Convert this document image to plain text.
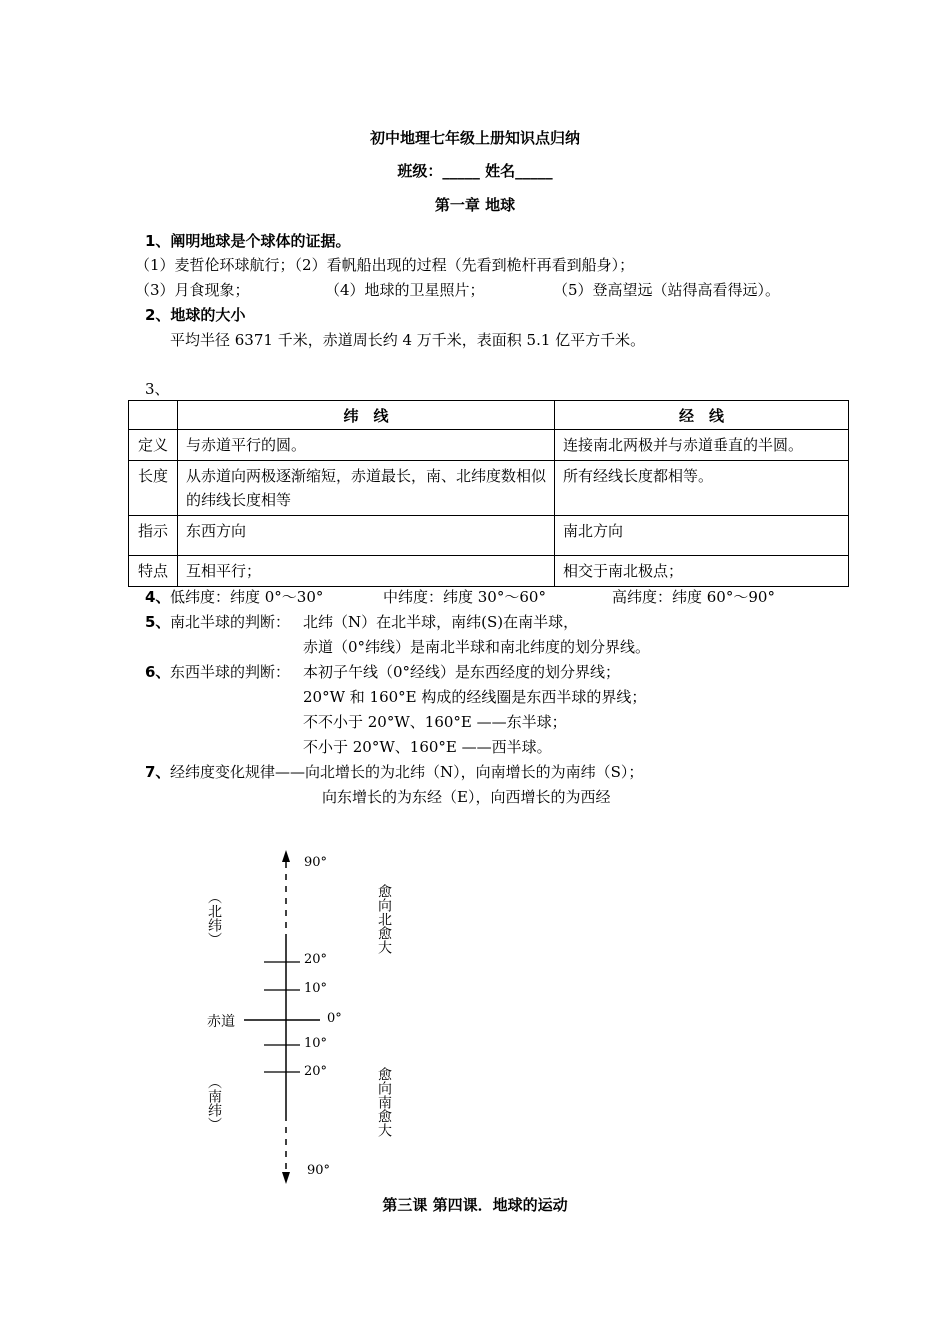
初中地理七年级上册知识点归纳
班级：_____ 姓名_____
第一章 地球
1、阐明地球是个球体的证据。
（1）麦哲伦环球航行；（2）看帆船出现的过程（先看到桅杆再看到船身）；
（3）月食现象；	（4）地球的卫星照片；	（5）登高望远（站得高看得远）。
2、地球的大小
平均半径 6371 千米，赤道周长约 4 万千米，表面积 5.1 亿平方千米。
3、
	纬　线	经　线
定义	与赤道平行的圆。	连接南北两极并与赤道垂直的半圆。
长度	从赤道向两极逐渐缩短，赤道最长，南、北纬度数相似的纬线长度相等	所有经线长度都相等。
指示	东西方向	南北方向
特点	互相平行；	相交于南北极点；
4、 低纬度：纬度 0°～30°	中纬度：纬度 30°～60°	高纬度：纬度 60°～90°
5、 南北半球的判断： 北纬（N）在北半球，南纬(S)在南半球，
赤道（0°纬线）是南北半球和南北纬度的划分界线。
6、 东西半球的判断： 本初子午线（0°经线）是东西经度的划分界线；
20°W 和 160°E 构成的经线圈是东西半球的界线；
不不小于 20°W、160°E ——东半球；
不小于 20°W、160°E ——西半球。
7、 经纬度变化规律——向北增长的为北纬（N），向南增长的为南纬（S）；
向东增长的为东经（E），向西增长的为西经
90°
20°
10°
0°
10°
20°
90°
赤道
（北纬）
（南纬）
愈向北愈大
愈向南愈大
第三课 第四课．地球的运动
